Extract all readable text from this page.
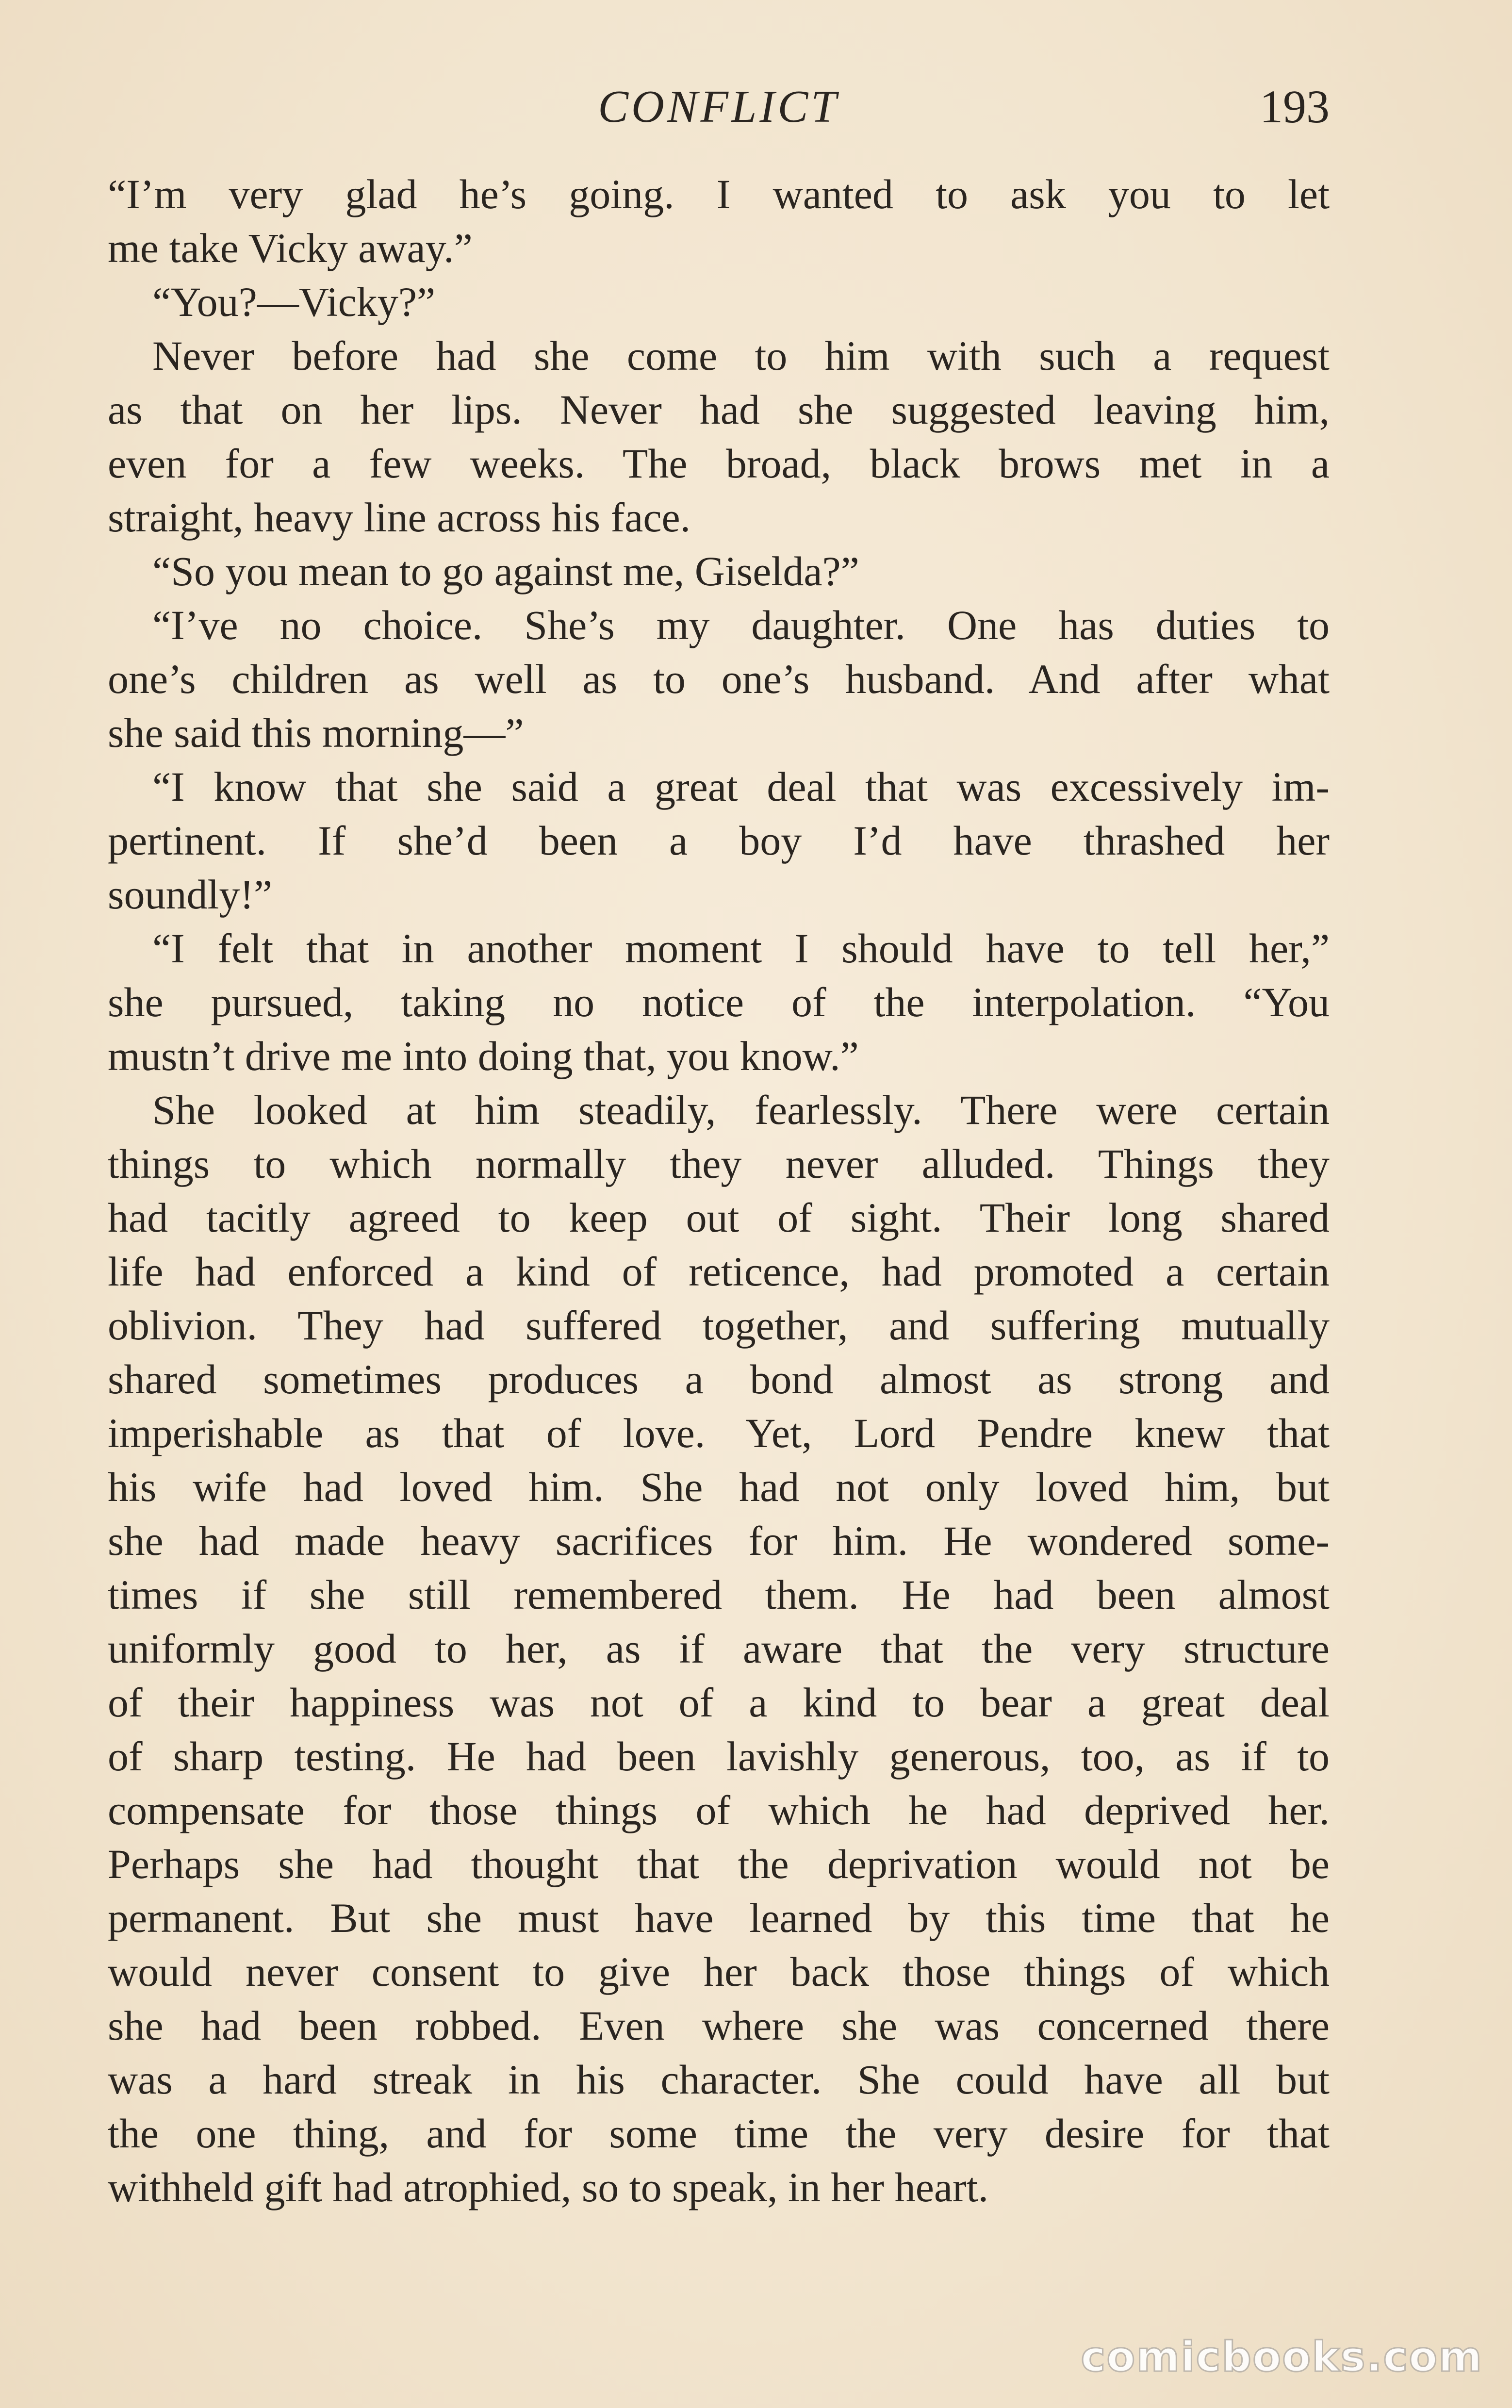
CONFLICT	193
“I’m very glad he’s going. I wanted to ask you to let
me take Vicky away.”
“You?—Vicky?”
Never before had she come to him with such a request
as that on her lips. Never had she suggested leaving him,
even for a few weeks. The broad, black brows met in a
straight, heavy line across his face.
“So you mean to go against me, Giselda?”
“I’ve no choice. She’s my daughter. One has duties to
one’s children as well as to one’s husband. And after what
she said this morning—”
“I know that she said a great deal that was excessively im-
pertinent. If she’d been a boy I’d have thrashed her
soundly!”
“I felt that in another moment I should have to tell her,”
she pursued, taking no notice of the interpolation. “You
mustn’t drive me into doing that, you know.”
She looked at him steadily, fearlessly. There were certain
things to which normally they never alluded. Things they
had tacitly agreed to keep out of sight. Their long shared
life had enforced a kind of reticence, had promoted a certain
oblivion. They had suffered together, and suffering mutually
shared sometimes produces a bond almost as strong and
imperishable as that of love. Yet, Lord Pendre knew that
his wife had loved him. She had not only loved him, but
she had made heavy sacrifices for him. He wondered some-
times if she still remembered them. He had been almost
uniformly good to her, as if aware that the very structure
of their happiness was not of a kind to bear a great deal
of sharp testing. He had been lavishly generous, too, as if to
compensate for those things of which he had deprived her.
Perhaps she had thought that the deprivation would not be
permanent. But she must have learned by this time that he
would never consent to give her back those things of which
she had been robbed. Even where she was concerned there
was a hard streak in his character. She could have all but
the one thing, and for some time the very desire for that
withheld gift had atrophied, so to speak, in her heart.
comicbooks.com
